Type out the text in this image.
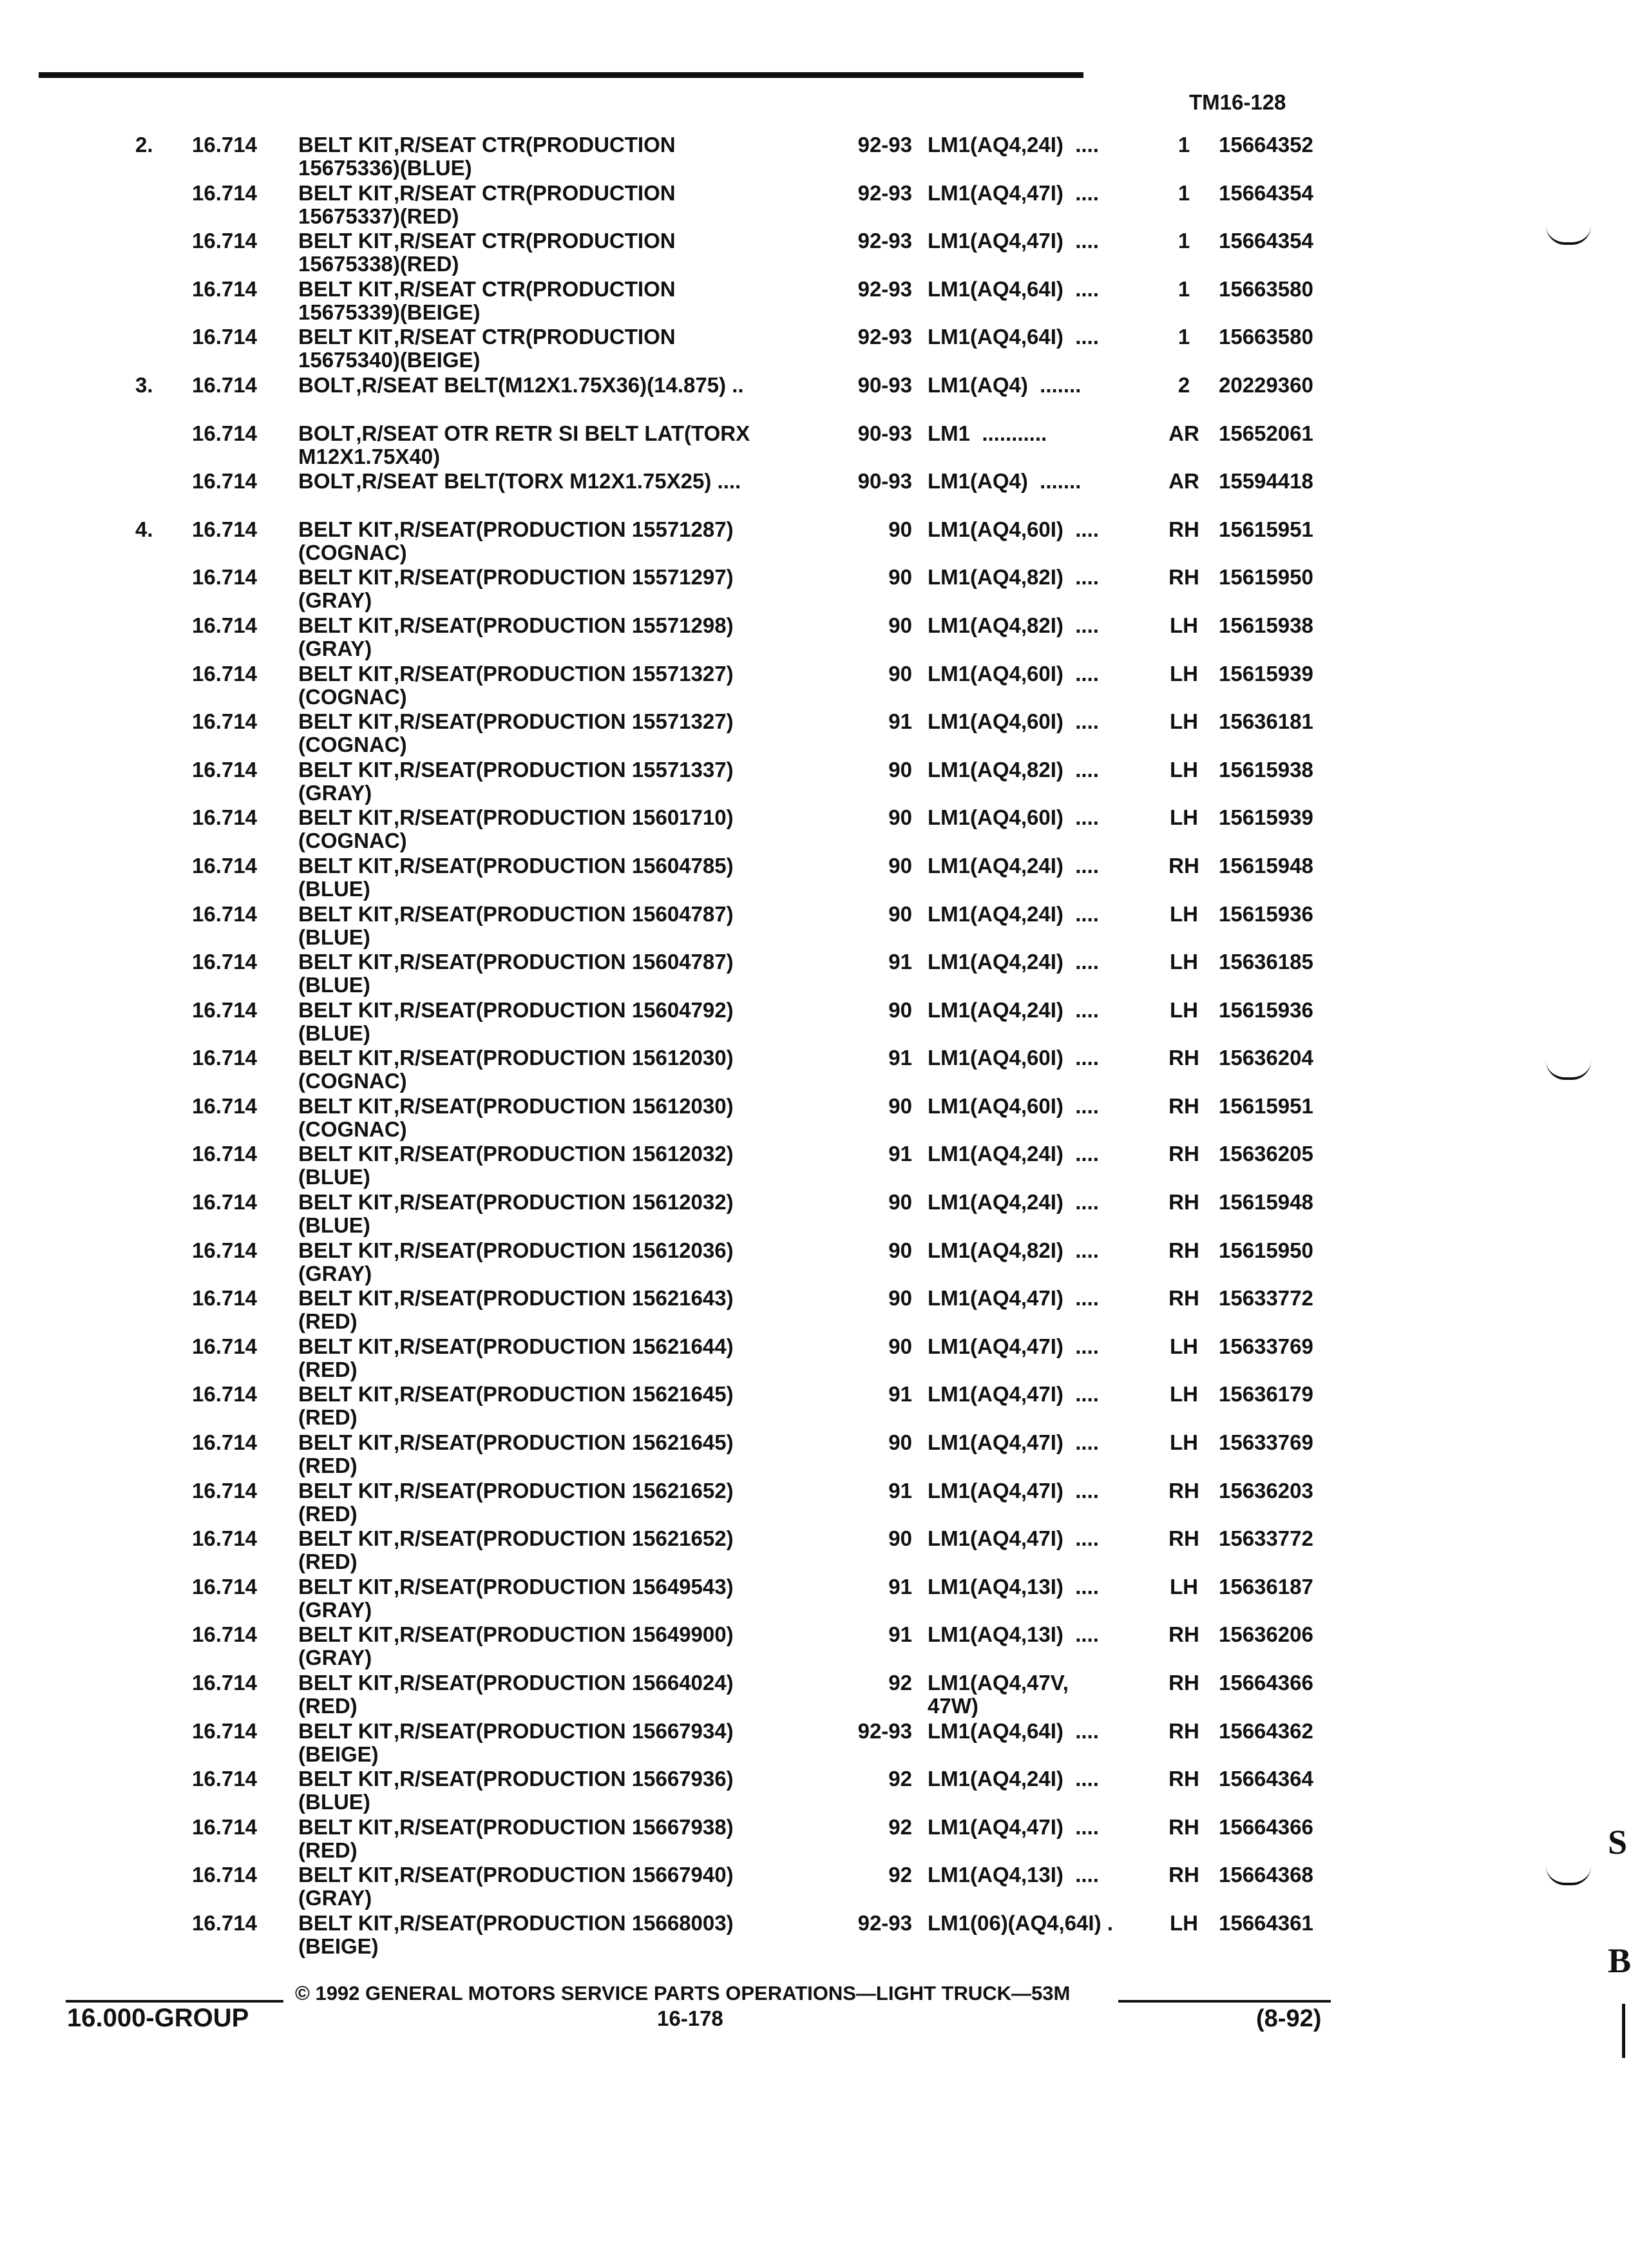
TM16-128
2. 16.714 BELT KIT,R/SEAT CTR(PRODUCTION
15675336)(BLUE)
92-93 LM1(AQ4,24I)  ....	1	15664352
16.714 BELT KIT,R/SEAT CTR(PRODUCTION
15675337)(RED)
92-93 LM1(AQ4,47I)  ....	1	15664354
16.714 BELT KIT,R/SEAT CTR(PRODUCTION
15675338)(RED)
92-93 LM1(AQ4,47I)  ....	1	15664354
16.714 BELT KIT,R/SEAT CTR(PRODUCTION
15675339)(BEIGE)
92-93 LM1(AQ4,64I)  ....	1	15663580
16.714 BELT KIT,R/SEAT CTR(PRODUCTION
15675340)(BEIGE)
92-93 LM1(AQ4,64I)  ....	1	15663580
3. 16.714 BOLT,R/SEAT BELT(M12X1.75X36)(14.875) ..	90-93 LM1(AQ4)  .......	2	20229360
16.714 BOLT,R/SEAT OTR RETR SI BELT LAT(TORX
M12X1.75X40)
90-93 LM1  ...........	AR 15652061
16.714 BOLT,R/SEAT BELT(TORX M12X1.75X25) ....	90-93 LM1(AQ4)  .......	AR 15594418
4. 16.714 BELT KIT,R/SEAT(PRODUCTION 15571287)
(COGNAC)
90 LM1(AQ4,60I)  ....	RH 15615951
16.714 BELT KIT,R/SEAT(PRODUCTION 15571297)
(GRAY)
90 LM1(AQ4,82I)  ....	RH 15615950
16.714 BELT KIT,R/SEAT(PRODUCTION 15571298)
(GRAY)
90 LM1(AQ4,82I)  ....	LH 15615938
16.714 BELT KIT,R/SEAT(PRODUCTION 15571327)
(COGNAC)
90 LM1(AQ4,60I)  ....	LH 15615939
16.714 BELT KIT,R/SEAT(PRODUCTION 15571327)
(COGNAC)
91 LM1(AQ4,60I)  ....	LH 15636181
16.714 BELT KIT,R/SEAT(PRODUCTION 15571337)
(GRAY)
90 LM1(AQ4,82I)  ....	LH 15615938
16.714 BELT KIT,R/SEAT(PRODUCTION 15601710)
(COGNAC)
90 LM1(AQ4,60I)  ....	LH 15615939
16.714 BELT KIT,R/SEAT(PRODUCTION 15604785)
(BLUE)
90 LM1(AQ4,24I)  ....	RH 15615948
16.714 BELT KIT,R/SEAT(PRODUCTION 15604787)
(BLUE)
90 LM1(AQ4,24I)  ....	LH 15615936
16.714 BELT KIT,R/SEAT(PRODUCTION 15604787)
(BLUE)
91 LM1(AQ4,24I)  ....	LH 15636185
16.714 BELT KIT,R/SEAT(PRODUCTION 15604792)
(BLUE)
90 LM1(AQ4,24I)  ....	LH 15615936
16.714 BELT KIT,R/SEAT(PRODUCTION 15612030)
(COGNAC)
91 LM1(AQ4,60I)  ....	RH 15636204
16.714 BELT KIT,R/SEAT(PRODUCTION 15612030)
(COGNAC)
90 LM1(AQ4,60I)  ....	RH 15615951
16.714 BELT KIT,R/SEAT(PRODUCTION 15612032)
(BLUE)
91 LM1(AQ4,24I)  ....	RH 15636205
16.714 BELT KIT,R/SEAT(PRODUCTION 15612032)
(BLUE)
90 LM1(AQ4,24I)  ....	RH 15615948
16.714 BELT KIT,R/SEAT(PRODUCTION 15612036)
(GRAY)
90 LM1(AQ4,82I)  ....	RH 15615950
16.714 BELT KIT,R/SEAT(PRODUCTION 15621643)
(RED)
90 LM1(AQ4,47I)  ....	RH 15633772
16.714 BELT KIT,R/SEAT(PRODUCTION 15621644)
(RED)
90 LM1(AQ4,47I)  ....	LH 15633769
16.714 BELT KIT,R/SEAT(PRODUCTION 15621645)
(RED)
91 LM1(AQ4,47I)  ....	LH 15636179
16.714 BELT KIT,R/SEAT(PRODUCTION 15621645)
(RED)
90 LM1(AQ4,47I)  ....	LH 15633769
16.714 BELT KIT,R/SEAT(PRODUCTION 15621652)
(RED)
91 LM1(AQ4,47I)  ....	RH 15636203
16.714 BELT KIT,R/SEAT(PRODUCTION 15621652)
(RED)
90 LM1(AQ4,47I)  ....	RH 15633772
16.714 BELT KIT,R/SEAT(PRODUCTION 15649543)
(GRAY)
91 LM1(AQ4,13I)  ....	LH 15636187
16.714 BELT KIT,R/SEAT(PRODUCTION 15649900)
(GRAY)
91 LM1(AQ4,13I)  ....	RH 15636206
16.714 BELT KIT,R/SEAT(PRODUCTION 15664024)
(RED)
92 LM1(AQ4,47V,
47W)
RH 15664366
16.714 BELT KIT,R/SEAT(PRODUCTION 15667934)
(BEIGE)
92-93 LM1(AQ4,64I)  ....	RH 15664362
16.714 BELT KIT,R/SEAT(PRODUCTION 15667936)
(BLUE)
92 LM1(AQ4,24I)  ....	RH 15664364
16.714 BELT KIT,R/SEAT(PRODUCTION 15667938)
(RED)
92 LM1(AQ4,47I)  ....	RH 15664366
16.714 BELT KIT,R/SEAT(PRODUCTION 15667940)
(GRAY)
92 LM1(AQ4,13I)  ....	RH 15664368
16.714 BELT KIT,R/SEAT(PRODUCTION 15668003)
(BEIGE)
92-93 LM1(06)(AQ4,64I) .	LH 15664361
© 1992 GENERAL MOTORS SERVICE PARTS OPERATIONS—LIGHT TRUCK—53M
16.000-GROUP	16-178	(8-92)
S
B
